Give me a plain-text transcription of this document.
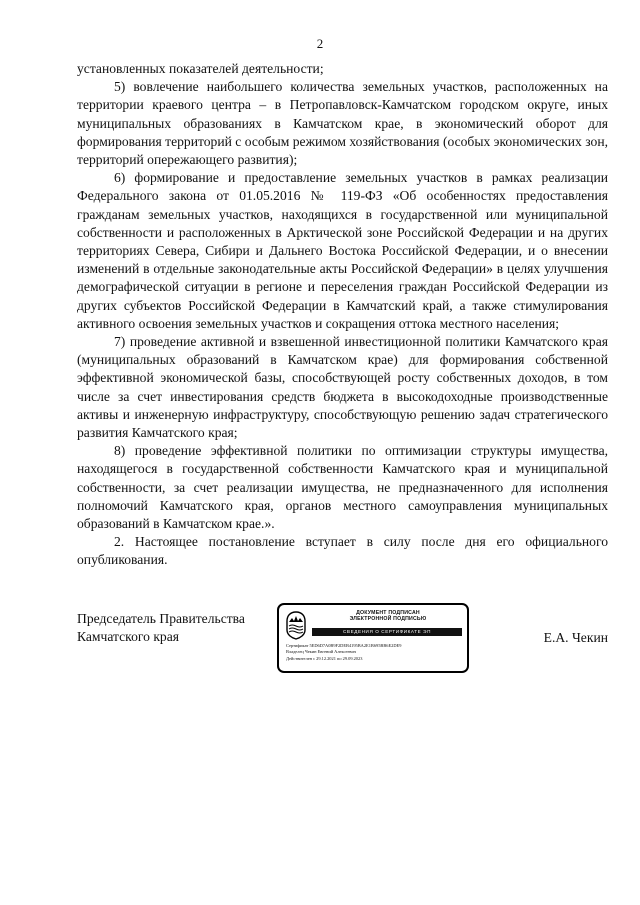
2

установленных показателей деятельности;

5) вовлечение наибольшего количества земельных участков, расположенных на территории краевого центра – в Петропавловск-Камчатском городском округе, иных муниципальных образованиях в Камчатском крае, в экономический оборот для формирования территорий с особым режимом хозяйствования (особых экономических зон, территорий опережающего развития);

6) формирование и предоставление земельных участков в рамках реализации Федерального закона от 01.05.2016 № 119-ФЗ «Об особенностях предоставления гражданам земельных участков, находящихся в государственной или муниципальной собственности и расположенных в Арктической зоне Российской Федерации и на других территориях Севера, Сибири и Дальнего Востока Российской Федерации, и о внесении изменений в отдельные законодательные акты Российской Федерации» в целях улучшения демографической ситуации в регионе и переселения граждан Российской Федерации из других субъектов Российской Федерации в Камчатский край, а также стимулирования активного освоения земельных участков и сокращения оттока местного населения;

7) проведение активной и взвешенной инвестиционной политики Камчатского края (муниципальных образований в Камчатском крае) для формирования собственной эффективной экономической базы, способствующей росту собственных доходов, в том числе за счет инвестирования средств бюджета в высокодоходные производственные активы и инженерную инфраструктуру, способствующую решению задач стратегического развития Камчатского края;

8) проведение эффективной политики по оптимизации структуры имущества, находящегося в государственной собственности Камчатского края и муниципальной собственности, за счет реализации имущества, не предназначенного для исполнения полномочий Камчатского края, органов местного самоуправления муниципальных образований в Камчатском крае.».

2. Настоящее постановление вступает в силу после дня его официального опубликования.

Председатель Правительства
Камчатского края
ДОКУМЕНТ ПОДПИСАН
ЭЛЕКТРОННОЙ ПОДПИСЬЮ
СВЕДЕНИЯ О СЕРТИФИКАТЕ ЭП
Сертификат 5ED6D7A0B9F2DEB4195BA2E1B695BB6E2DE9
Владелец Чекин Евгений Алексеевич
Действителен с 29.12.2021 по 29.09.2023
Е.А. Чекин
